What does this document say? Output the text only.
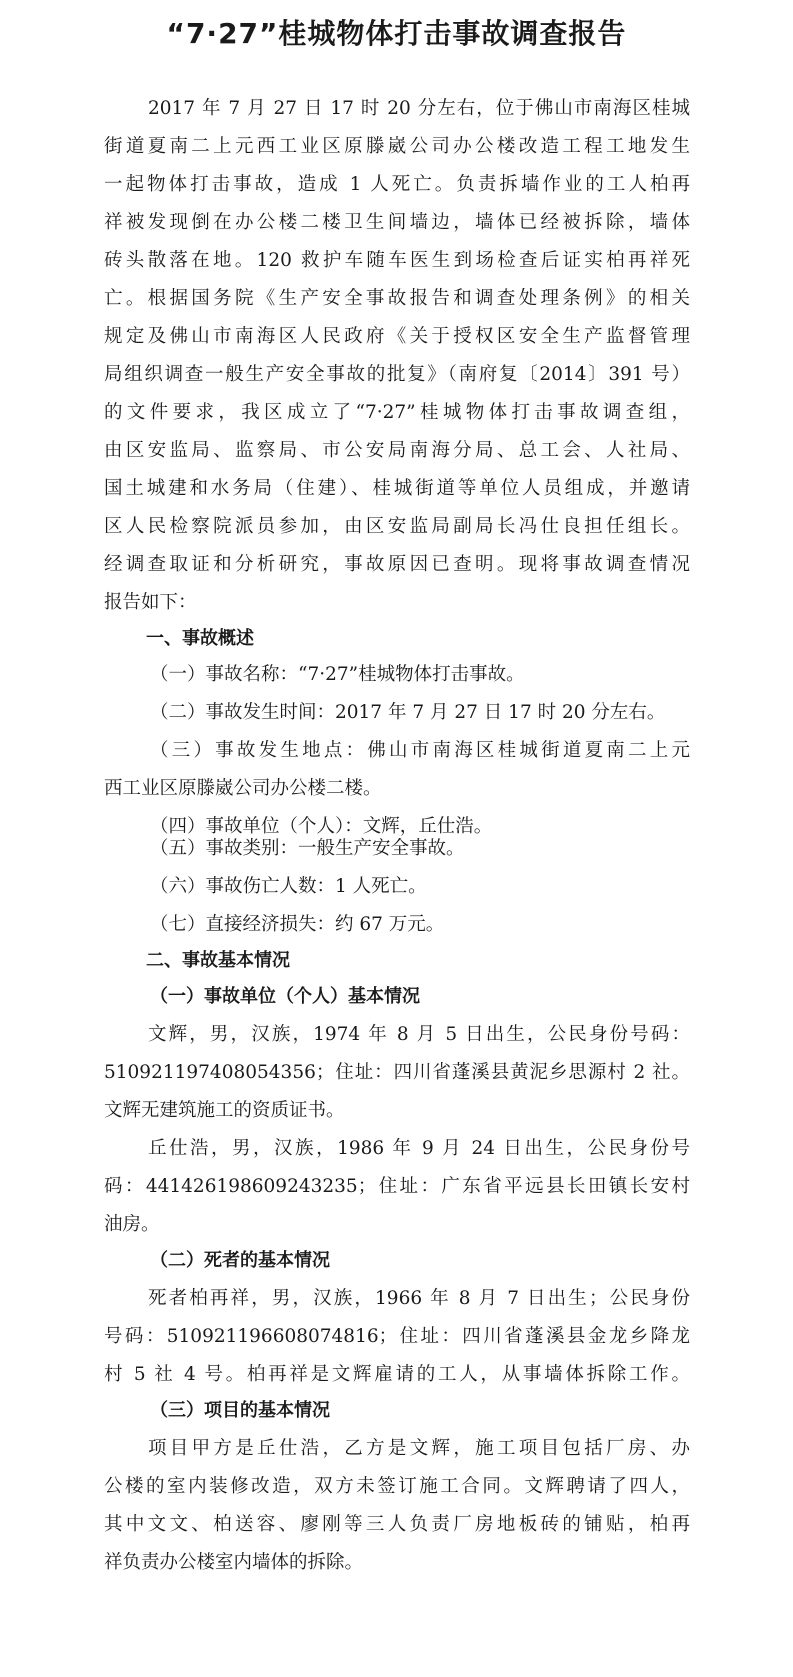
“7·27”桂城物体打击事故调查报告
2017 年 7 月 27 日 17 时 20 分左右，位于佛山市南海区桂城
街道夏南二上元西工业区原滕崴公司办公楼改造工程工地发生
一起物体打击事故，造成 1 人死亡。负责拆墙作业的工人柏再
祥被发现倒在办公楼二楼卫生间墙边，墙体已经被拆除，墙体
砖头散落在地。120 救护车随车医生到场检查后证实柏再祥死
亡。根据国务院《生产安全事故报告和调查处理条例》的相关
规定及佛山市南海区人民政府《关于授权区安全生产监督管理
局组织调查一般生产安全事故的批复》（南府复〔2014〕391 号）
的文件要求，我区成立了“7·27”桂城物体打击事故调查组，
由区安监局、监察局、市公安局南海分局、总工会、人社局、
国土城建和水务局（住建）、桂城街道等单位人员组成，并邀请
区人民检察院派员参加，由区安监局副局长冯仕良担任组长。
经调查取证和分析研究，事故原因已查明。现将事故调查情况
报告如下：
一、事故概述
（一）事故名称：“7·27”桂城物体打击事故。
（二）事故发生时间：2017 年 7 月 27 日 17 时 20 分左右。
（三）事故发生地点：佛山市南海区桂城街道夏南二上元
西工业区原滕崴公司办公楼二楼。
（四）事故单位（个人）：文辉，丘仕浩。
（五）事故类别：一般生产安全事故。
（六）事故伤亡人数：1 人死亡。
（七）直接经济损失：约 67 万元。
二、事故基本情况
（一）事故单位（个人）基本情况
文辉，男，汉族，1974 年 8 月 5 日出生，公民身份号码：
510921197408054356；住址：四川省蓬溪县黄泥乡思源村 2 社。
文辉无建筑施工的资质证书。
丘仕浩，男，汉族，1986 年 9 月 24 日出生，公民身份号
码：441426198609243235；住址：广东省平远县长田镇长安村
油房。
（二）死者的基本情况
死者柏再祥，男，汉族，1966 年 8 月 7 日出生；公民身份
号码：510921196608074816；住址：四川省蓬溪县金龙乡降龙
村 5 社 4 号。柏再祥是文辉雇请的工人，从事墙体拆除工作。
（三）项目的基本情况
项目甲方是丘仕浩，乙方是文辉，施工项目包括厂房、办
公楼的室内装修改造，双方未签订施工合同。文辉聘请了四人，
其中文文、柏送容、廖刚等三人负责厂房地板砖的铺贴，柏再
祥负责办公楼室内墙体的拆除。
